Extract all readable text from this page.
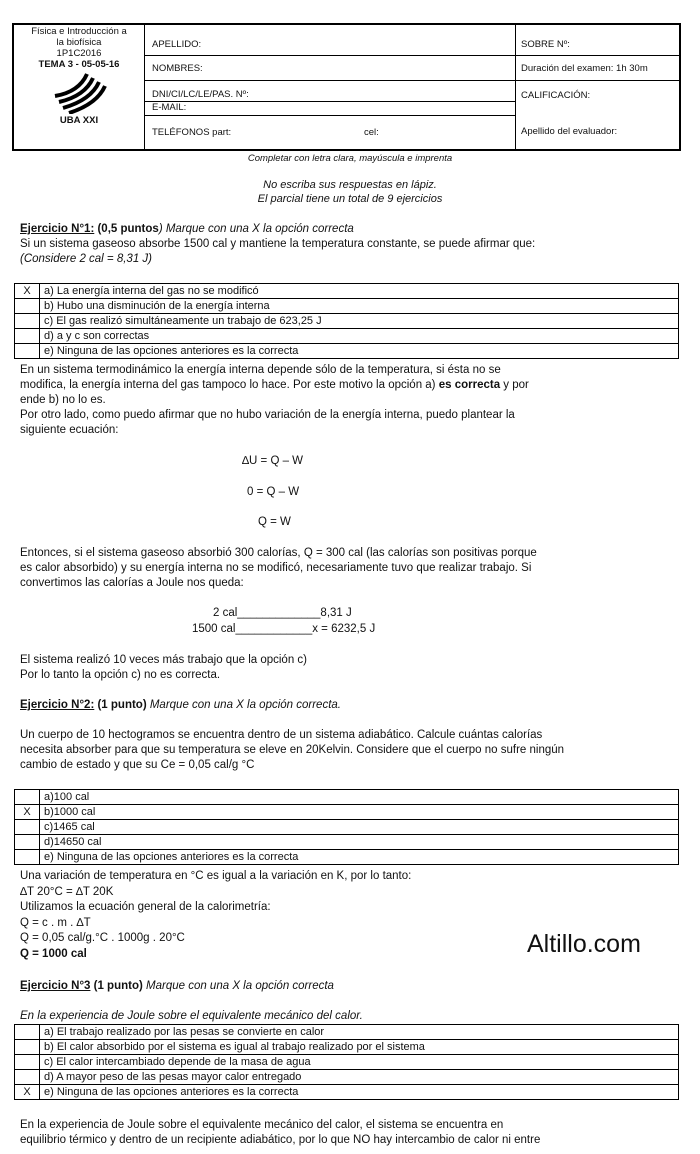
Física e Introducción a
la biofísica
1P1C2016
TEMA 3 - 05-05-16
UBA XXI
APELLIDO:
NOMBRES:
DNI/CI/LC/LE/PAS. Nº:
E-MAIL:
TELÉFONOS part:	cel:
SOBRE Nº:
Duración del examen: 1h 30m
CALIFICACIÓN:
Apellido del evaluador:
Completar con letra clara, mayúscula e imprenta
No escriba sus respuestas en lápiz.
El parcial tiene un total de 9 ejercicios
Ejercicio N°1: (0,5 puntos) Marque con una X la opción correcta
Si un sistema gaseoso absorbe 1500 cal y mantiene la temperatura constante, se puede afirmar que:
(Considere 2 cal = 8,31 J)
X	a) La energía interna del gas no se modificó
	b) Hubo una disminución de la energía interna
	c) El gas realizó simultáneamente un trabajo de 623,25 J
	d) a y c son correctas
	e) Ninguna de las opciones anteriores es la correcta
En un sistema termodinámico la energía interna depende sólo de la temperatura, si ésta no se
modifica, la energía interna del gas tampoco lo hace. Por este motivo la opción a) es correcta y por
ende b) no lo es.
Por otro lado, como puedo afirmar que no hubo variación de la energía interna, puedo plantear la
siguiente ecuación:
∆U = Q – W
0 = Q – W
Q = W
Entonces, si el sistema gaseoso absorbió 300 calorías, Q = 300 cal (las calorías son positivas porque
es calor absorbido) y su energía interna no se modificó, necesariamente tuvo que realizar trabajo. Si
convertimos las calorías a Joule nos queda:
2 cal_____________8,31 J
1500 cal____________x = 6232,5 J
El sistema realizó 10 veces más trabajo que la opción c)
Por lo tanto la opción c) no es correcta.
Ejercicio N°2: (1 punto) Marque con una X la opción correcta.
Un cuerpo de 10 hectogramos se encuentra dentro de un sistema adiabático. Calcule cuántas calorías
necesita absorber para que su temperatura se eleve en 20Kelvin. Considere que el cuerpo no sufre ningún
cambio de estado y que su Ce = 0,05 cal/g °C
	a)100 cal
X	b)1000 cal
	c)1465 cal
	d)14650 cal
	e) Ninguna de las opciones anteriores es la correcta
Una variación de temperatura en °C es igual a la variación en K, por lo tanto:
∆T 20°C = ∆T 20K
Utilizamos la ecuación general de la calorimetría:
Q = c . m . ∆T
Q = 0,05 cal/g.°C . 1000g . 20°C
Q = 1000 cal	Altillo.com
Ejercicio N°3 (1 punto) Marque con una X la opción correcta
En la experiencia de Joule sobre el equivalente mecánico del calor.
	a) El trabajo realizado por las pesas se convierte en calor
	b) El calor absorbido por el sistema es igual al trabajo realizado por el sistema
	c) El calor intercambiado depende de la masa de agua
	d) A mayor peso de las pesas mayor calor entregado
X	e) Ninguna de las opciones anteriores es la correcta
En la experiencia de Joule sobre el equivalente mecánico del calor, el sistema se encuentra en
equilibrio térmico y dentro de un recipiente adiabático, por lo que NO hay intercambio de calor ni entre
